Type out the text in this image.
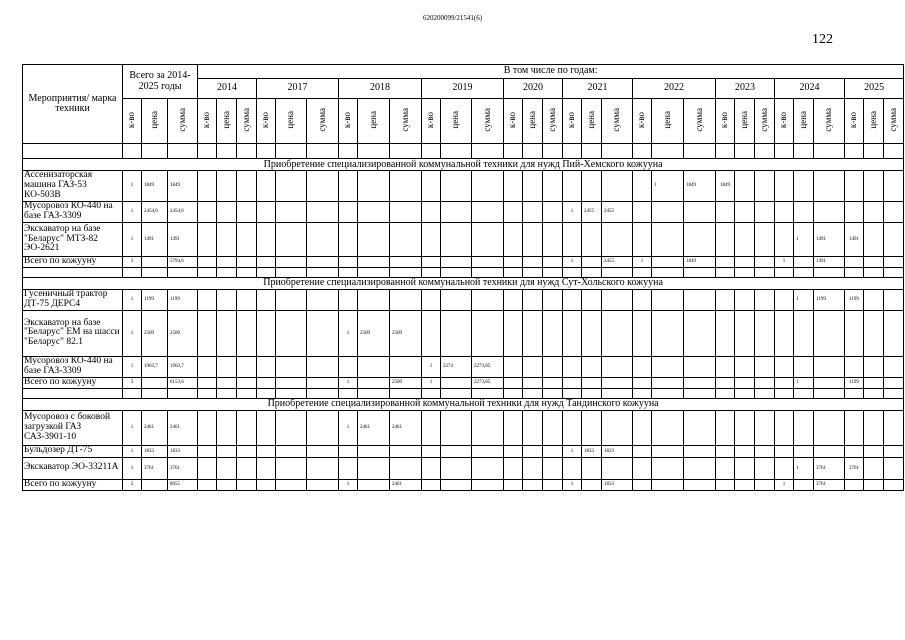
620200099/21541(6)
122
Мероприятия/ марка техники	Всего за 2014-2025 годы			В том числе по годам:																														
				2014			2017			2018			2019			2020			2021			2022			2023			2024			2025			
	к-во	цена	сумма	к-во	цена	сумма	к-во	цена	сумма	к-во	цена	сумма	к-во	цена	сумма	к-во	цена	сумма	к-во	цена	сумма	к-во	цена	сумма	к-во	цена	сумма	к-во	цена	сумма	к-во	цена	сумма	

Приобретение специализированной коммунальной техники для нужд Пий-Хемского кожууна																																		
Ассенизаторская машина ГАЗ-53 КО-503В	1	1849	1849																				1	1849	1849									
Мусоровоз КО-440 на базе ГАЗ-3309	1	2454,6	2454,6																1	2455	2455													
Экскаватор на базе "Беларус" МТЗ-82 ЭО-2621	1	1491	1491																										1	1491	1491			
Всего по кожууну	3		5794,6																1		2455	1		1849				1		1491				

Приобретение специализированной коммунальной техники для нужд Сут-Хольского кожууна																																		
Гусеничный трактор ДТ-75 ДЕРС4	1	1199	1199																										1	1199	1199			
Экскаватор на базе "Беларус" ЕМ на шасси "Беларус" 82.1	1	2500	2500							1	2500	2500																						
Мусоровоз КО-440 на базе ГАЗ-3309	1	1963,7	1963,7										1	2274	2273,85																			
Всего по кожууну	3		6153,6							1		2500	1		2273,85														1		1199			

Приобретение специализированной коммунальной техники для нужд Тандинского кожууна																																		
Мусоровоз с боковой загрузкой ГАЗ САЗ-3901-10	1	2461	2461							1	2461	2461																						
Бульдозер ДТ-75	1	1833	1833																1	1833	1833													
Экскаватор ЭО-33211А	1	3761	3761																										1	3761	3761			
Всего по кожууну	3		8055							1		2461							1		1833							1		3761				
